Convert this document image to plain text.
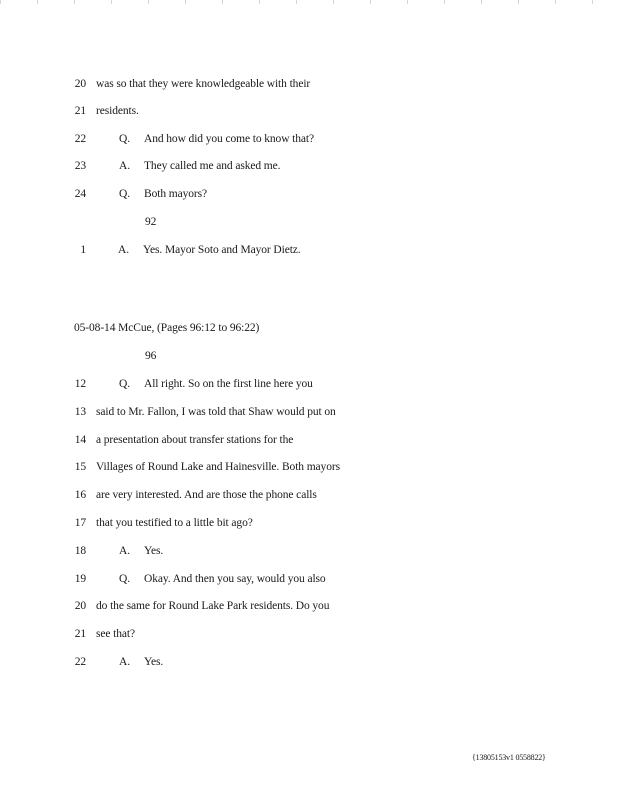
20 was so that they were knowledgeable with their
21 residents.
22	Q. And how did you come to know that?
23	A. They called me and asked me.
24	Q. Both mayors?
92
1	A. Yes. Mayor Soto and Mayor Dietz.
05-08-14 McCue, (Pages 96:12 to 96:22)
96
12	Q. All right. So on the first line here you
13 said to Mr. Fallon, I was told that Shaw would put on
14 a presentation about transfer stations for the
15 Villages of Round Lake and Hainesville. Both mayors
16 are very interested. And are those the phone calls
17 that you testified to a little bit ago?
18	A. Yes.
19	Q. Okay. And then you say, would you also
20 do the same for Round Lake Park residents. Do you
21 see that?
22	A. Yes.
{13805153v1 0558822}
